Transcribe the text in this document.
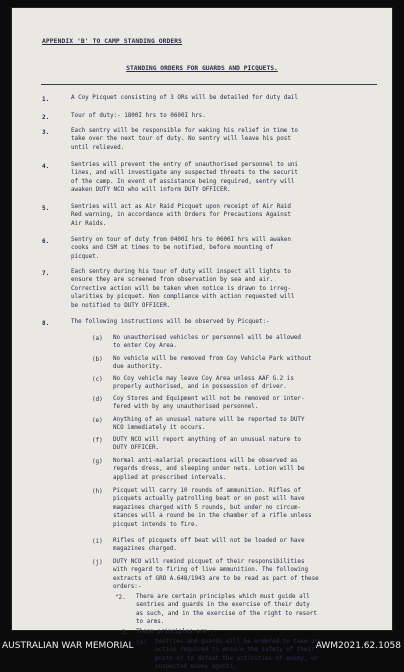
APPENDIX 'B' TO CAMP STANDING ORDERS
STANDING ORDERS FOR GUARDS AND PICQUETS.
1.	A Coy Picquet consisting of 3 ORs will be detailed for duty dail
2.	Tour of duty:- 1800I hrs to 0600I hrs.
3.	Each sentry will be responsible for waking his relief in time to
take over the next tour of duty. No sentry will leave his post
until relieved.
4.	Sentries will prevent the entry of unauthorised personnel to uni
lines, and will investigate any suspected threats to the securit
of the camp. In event of assistance being required, sentry will
awaken DUTY NCO who will inform DUTY OFFICER.
5.	Sentries will act as Air Raid Picquet upon receipt of Air Raid
Red warning, in accordance with Orders for Precautions Against
Air Raids.
6.	Sentry on tour of duty from 0400I hrs to 0600I hrs will awaken
cooks and CSM at times to be notified, before mounting of
picquet.
7.	Each sentry during his tour of duty will inspect all lights to
ensure they are screened from observation by sea and air.
Corrective action will be taken when notice is drawn to irreg-
ularities by picquet. Non compliance with action requested will
be notified to DUTY OFFICER.
8.	The following instructions will be observed by Picquet:-
(a) No unauthorised vehicles or personnel will be allowed
to enter Coy Area.
(b) No vehicle will be removed from Coy Vehicle Park without
due authority.
(c) No Coy vehicle may leave Coy Area unless AAF G.2 is
properly authorised, and in possession of driver.
(d) Coy Stores and Equipment will not be removed or inter-
fered with by any unauthorised personnel.
(e) Anything of an unusual nature will be reported to DUTY
NCO immediately it occurs.
(f) DUTY NCO will report anything of an unusual nature to
DUTY OFFICER.
(g) Normal anti-malarial precautions will be observed as
regards dress, and sleeping under nets. Lotion will be
applied at prescribed intervals.
(h) Picquet will carry 10 rounds of ammunition. Rifles of
picquets actually patrolling beat or on post will have
magazines charged with 5 rounds, but under no circum-
stances will a round be in the chamber of a rifle unless
picquet intends to fire.
(i) Rifles of picquets off beat will not be loaded or have
magazines charged.
(j) DUTY NCO will remind picquet of their responsibilities
with regard to firing of live ammunition. The following
extracts of GRO A.648/1943 are to be read as part of these
orders:-
"2. There are certain principles which must guide all
sentries and guards in the exercise of their duty
as such, and in the exercise of the right to resort
to arms.
3. These principles are :-
(a) Sentries and guards will be ordered to take any
action required to ensure the safety of their
posts or to defeat the activities of enemy, or
suspected enemy agents.
AUSTRALIAN WAR MEMORIAL	AWM2021.62.1058
